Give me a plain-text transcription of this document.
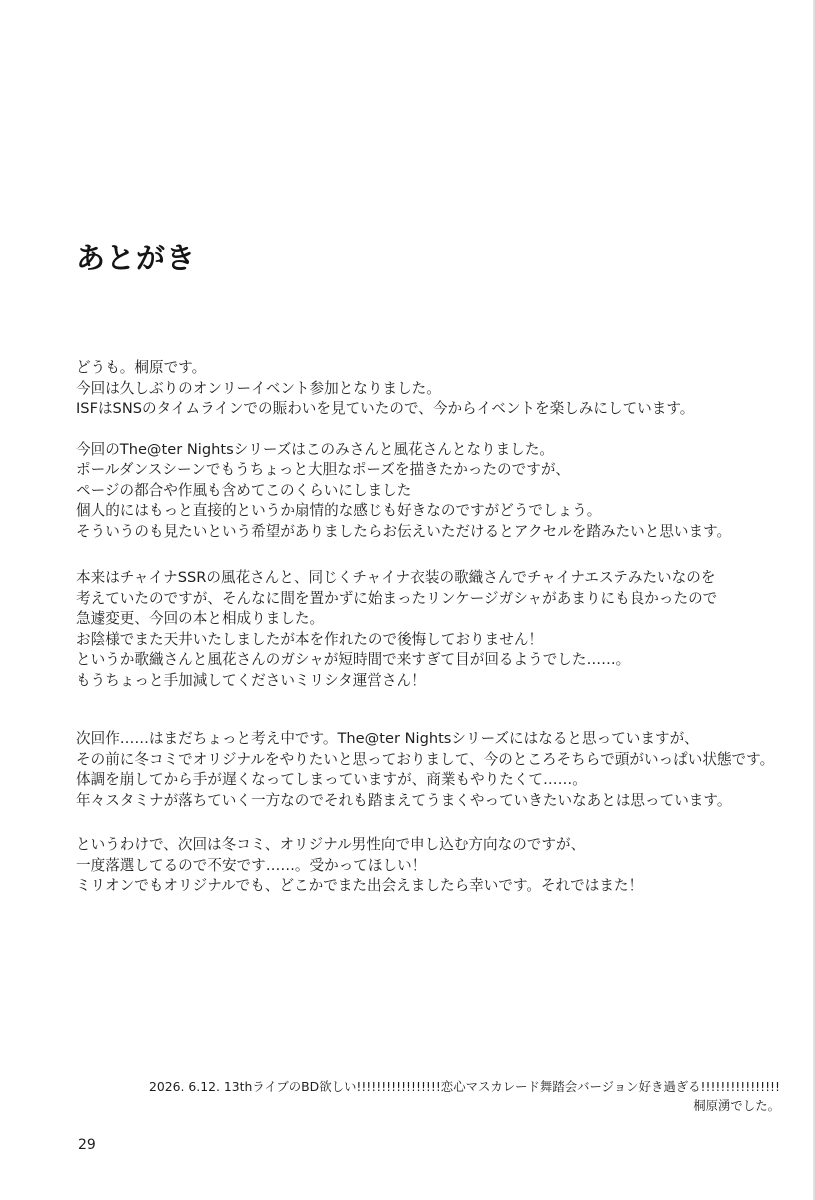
あとがき
どうも。桐原です。
今回は久しぶりのオンリーイベント参加となりました。
ISFはSNSのタイムラインでの賑わいを見ていたので、今からイベントを楽しみにしています。
今回のThe@ter Nightsシリーズはこのみさんと風花さんとなりました。
ポールダンスシーンでもうちょっと大胆なポーズを描きたかったのですが、
ページの都合や作風も含めてこのくらいにしました
個人的にはもっと直接的というか扇情的な感じも好きなのですがどうでしょう。
そういうのも見たいという希望がありましたらお伝えいただけるとアクセルを踏みたいと思います。
本来はチャイナSSRの風花さんと、同じくチャイナ衣装の歌織さんでチャイナエステみたいなのを
考えていたのですが、そんなに間を置かずに始まったリンケージガシャがあまりにも良かったので
急遽変更、今回の本と相成りました。
お陰様でまた天井いたしましたが本を作れたので後悔しておりません！
というか歌織さんと風花さんのガシャが短時間で来すぎて目が回るようでした……。
もうちょっと手加減してくださいミリシタ運営さん！
次回作……はまだちょっと考え中です。The@ter Nightsシリーズにはなると思っていますが、
その前に冬コミでオリジナルをやりたいと思っておりまして、今のところそちらで頭がいっぱい状態です。
体調を崩してから手が遅くなってしまっていますが、商業もやりたくて……。
年々スタミナが落ちていく一方なのでそれも踏まえてうまくやっていきたいなあとは思っています。
というわけで、次回は冬コミ、オリジナル男性向で申し込む方向なのですが、
一度落選してるので不安です……。受かってほしい！
ミリオンでもオリジナルでも、どこかでまた出会えましたら幸いです。それではまた！
2026. 6.12. 13thライブのBD欲しい!!!!!!!!!!!!!!!!!恋心マスカレード舞踏会バージョン好き過ぎる!!!!!!!!!!!!!!!!
桐原湧でした。
29
